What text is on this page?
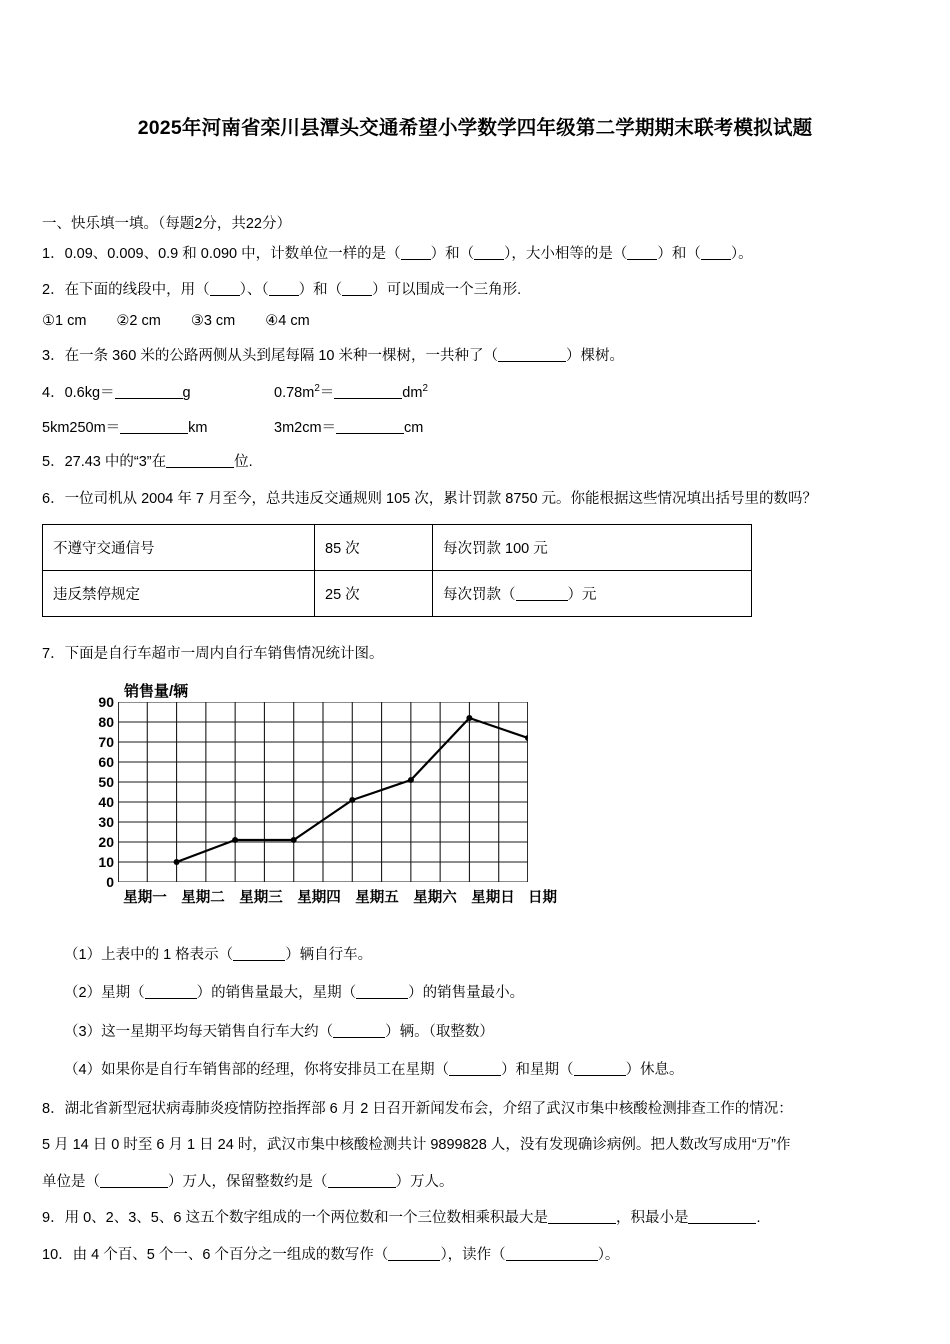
2025年河南省栾川县潭头交通希望小学数学四年级第二学期期末联考模拟试题
一、快乐填一填。（每题2分，共22分）

1．0.09、0.009、0.9 和 0.090 中，计数单位一样的是（ ）和（ ），大小相等的是（ ）和（ ）。

2．在下面的线段中，用（ ）、（ ）和（ ）可以围成一个三角形.

①1 cm ②2 cm ③3 cm ④4 cm

3．在一条 360 米的公路两侧从头到尾每隔 10 米种一棵树，一共种了（	）棵树。

4．0.6kg＝	g	$0.78m^2=$	$dm^2$
5km250m＝	km	3m2cm＝	cm

5．27.43 中的“3”在	位.

6．一位司机从 2004 年 7 月至今，总共违反交通规则 105 次，累计罚款 8750 元。你能根据这些情况填出括号里的数吗？

不遵守交通信号	85 次	每次罚款 100 元
违反禁停规定	25 次	每次罚款（ ）元

7．下面是自行车超市一周内自行车销售情况统计图。

销售量/辆
0
10
20
30
40
50
60
70
80
90
星期一 星期二 星期三 星期四 星期五 星期六 星期日 日期

（1）上表中的 1 格表示（	）辆自行车。

（2）星期（	）的销售量最大，星期（	）的销售量最小。

（3）这一星期平均每天销售自行车大约（	）辆。（取整数）

（4）如果你是自行车销售部的经理，你将安排员工在星期（	）和星期（	）休息。

8．湖北省新型冠状病毒肺炎疫情防控指挥部 6 月 2 日召开新闻发布会，介绍了武汉市集中核酸检测排查工作的情况：

5 月 14 日 0 时至 6 月 1 日 24 时，武汉市集中核酸检测共计 9899828 人，没有发现确诊病例。把人数改写成用“万”作

单位是（	）万人，保留整数约是（	）万人。

9．用 0、2、3、5、6 这五个数字组成的一个两位数和一个三位数相乘积最大是	，积最小是	.

10．由 4 个百、5 个一、6 个百分之一组成的数写作（	），读作（	）。
